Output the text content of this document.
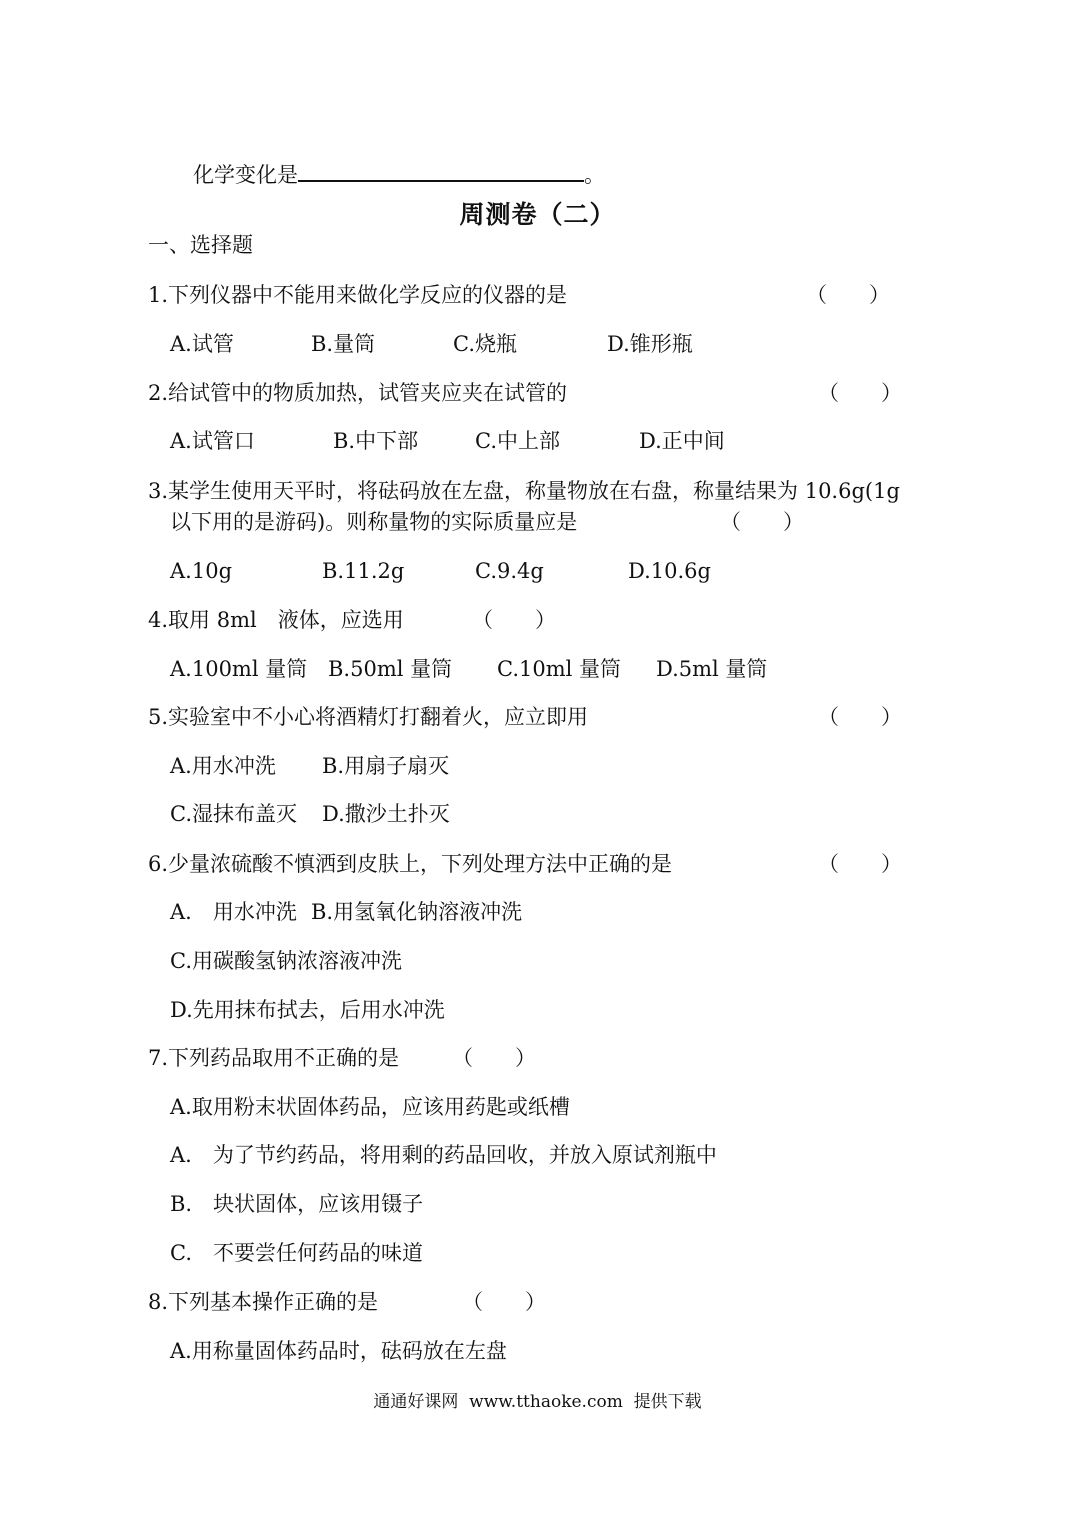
化学变化是	。
周测卷（二）
一、选择题
1.下列仪器中不能用来做化学反应的仪器的是	（　　）
A.试管	B.量筒	C.烧瓶	D.锥形瓶
2.给试管中的物质加热，试管夹应夹在试管的	（　　）
A.试管口	B.中下部	C.中上部	D.正中间
3.某学生使用天平时，将砝码放在左盘，称量物放在右盘，称量结果为 10.6g(1g
以下用的是游码)。则称量物的实际质量应是	（　　）
A.10g	B.11.2g	C.9.4g	D.10.6g
4.取用 8ml　液体，应选用	（　　）
A.100ml 量筒 B.50ml 量筒 C.10ml 量筒 D.5ml 量筒
5.实验室中不小心将酒精灯打翻着火，应立即用	（　　）
A.用水冲洗 B.用扇子扇灭
C.湿抹布盖灭 D.撒沙土扑灭
6.少量浓硫酸不慎洒到皮肤上，下列处理方法中正确的是	（　　）
A.　用水冲洗 B.用氢氧化钠溶液冲洗
C.用碳酸氢钠浓溶液冲洗
D.先用抹布拭去，后用水冲洗
7.下列药品取用不正确的是	（　　）
A.取用粉末状固体药品，应该用药匙或纸槽
A.　为了节约药品，将用剩的药品回收，并放入原试剂瓶中
B.　块状固体，应该用镊子
C.　不要尝任何药品的味道
8.下列基本操作正确的是	（　　）
A.用称量固体药品时，砝码放在左盘
通通好课网  www.tthaoke.com  提供下载
